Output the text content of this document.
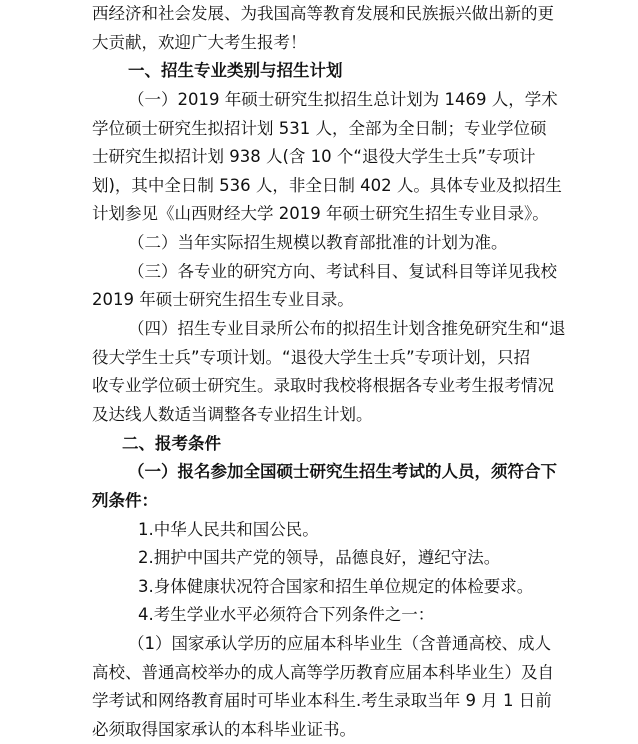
西经济和社会发展、为我国高等教育发展和民族振兴做出新的更
大贡献，欢迎广大考生报考！
一、招生专业类别与招生计划
（一）2019 年硕士研究生拟招生总计划为 1469 人，学术
学位硕士研究生拟招计划 531 人，全部为全日制；专业学位硕
士研究生拟招计划 938 人(含 10 个“退役大学生士兵”专项计
划)，其中全日制 536 人，非全日制 402 人。具体专业及拟招生
计划参见《山西财经大学 2019 年硕士研究生招生专业目录》。
（二）当年实际招生规模以教育部批准的计划为准。
（三）各专业的研究方向、考试科目、复试科目等详见我校
2019 年硕士研究生招生专业目录。
（四）招生专业目录所公布的拟招生计划含推免研究生和“退
役大学生士兵”专项计划。“退役大学生士兵”专项计划，只招
收专业学位硕士研究生。录取时我校将根据各专业考生报考情况
及达线人数适当调整各专业招生计划。
二、报考条件
（一）报名参加全国硕士研究生招生考试的人员，须符合下
列条件：
1.中华人民共和国公民。
2.拥护中国共产党的领导，品德良好，遵纪守法。
3.身体健康状况符合国家和招生单位规定的体检要求。
4.考生学业水平必须符合下列条件之一：
（1）国家承认学历的应届本科毕业生（含普通高校、成人
高校、普通高校举办的成人高等学历教育应届本科毕业生）及自
学考试和网络教育届时可毕业本科生.考生录取当年 9 月 1 日前
必须取得国家承认的本科毕业证书。
